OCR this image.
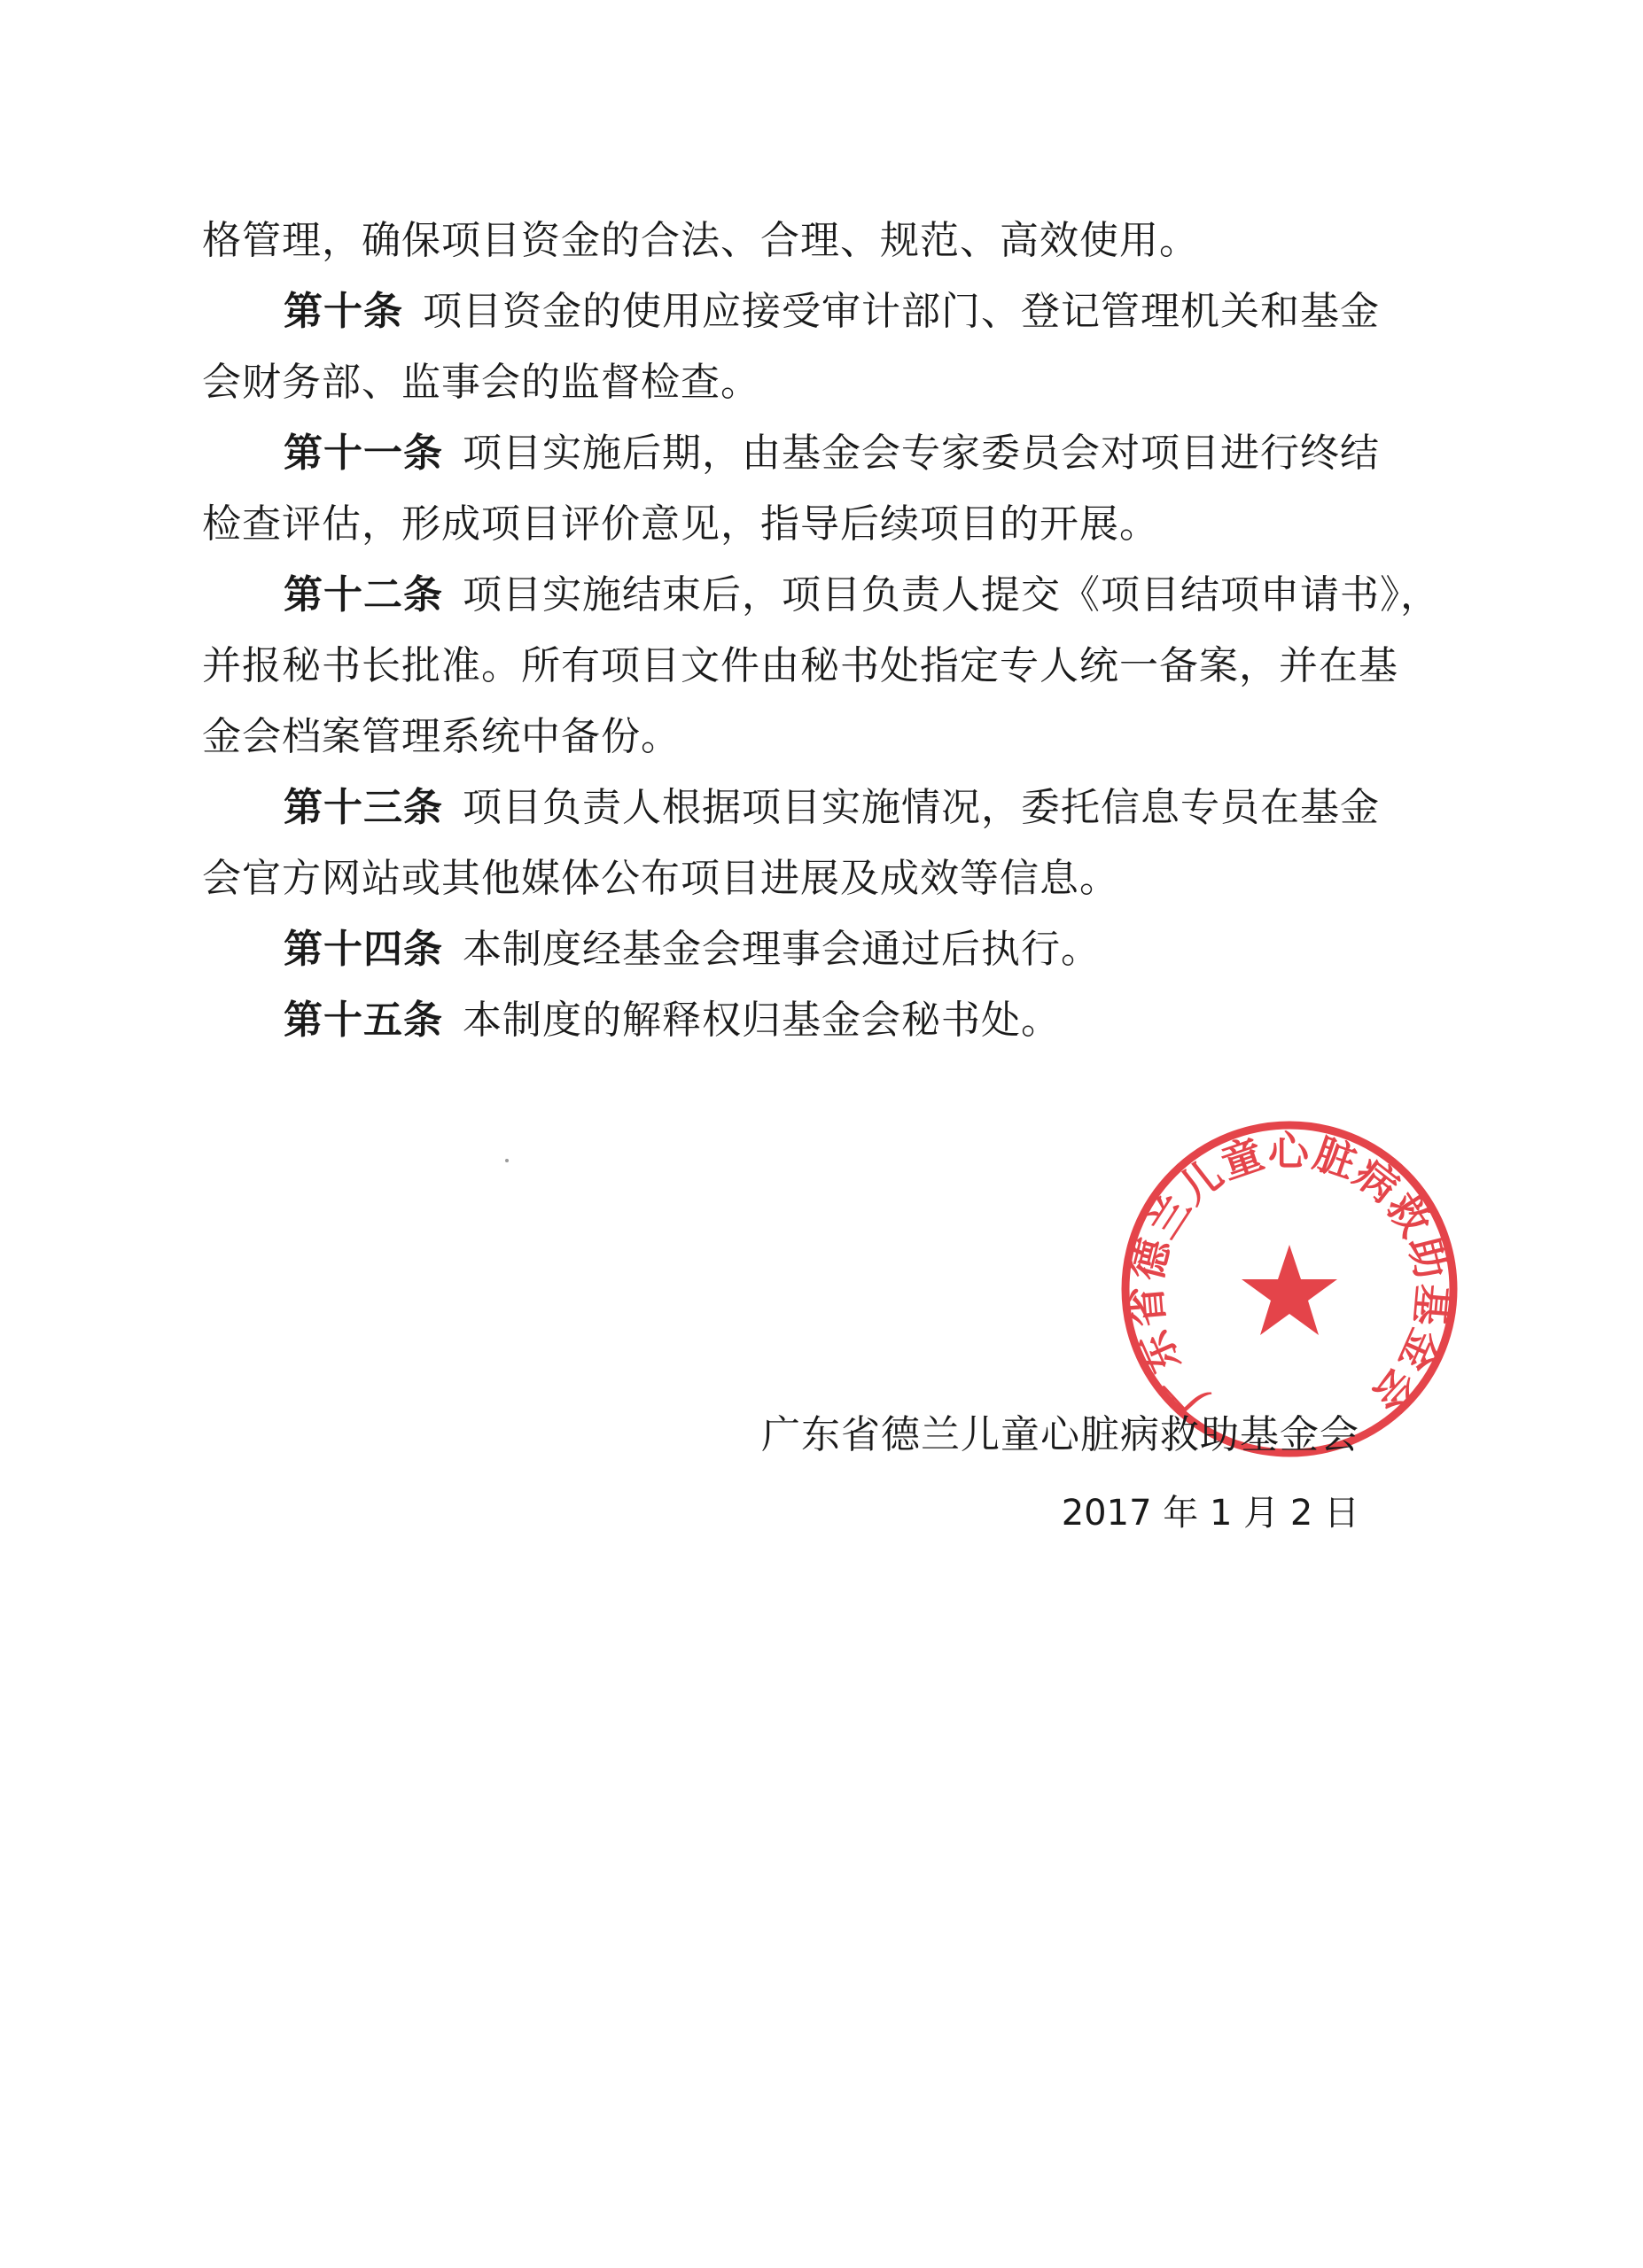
格管理，确保项目资金的合法、合理、规范、高效使用。
第十条 项目资金的使用应接受审计部门、登记管理机关和基金
会财务部、监事会的监督检查。
第十一条 项目实施后期，由基金会专家委员会对项目进行终结
检查评估，形成项目评价意见，指导后续项目的开展。
第十二条 项目实施结束后，项目负责人提交《项目结项申请书》，
并报秘书长批准。所有项目文件由秘书处指定专人统一备案，并在基
金会档案管理系统中备份。
第十三条 项目负责人根据项目实施情况，委托信息专员在基金
会官方网站或其他媒体公布项目进展及成效等信息。
第十四条 本制度经基金会理事会通过后执行。
第十五条 本制度的解释权归基金会秘书处。
广东省德兰儿童心脏病救助基金会
广东省德兰儿童心脏病救助基金会
2017 年 1 月 2 日
